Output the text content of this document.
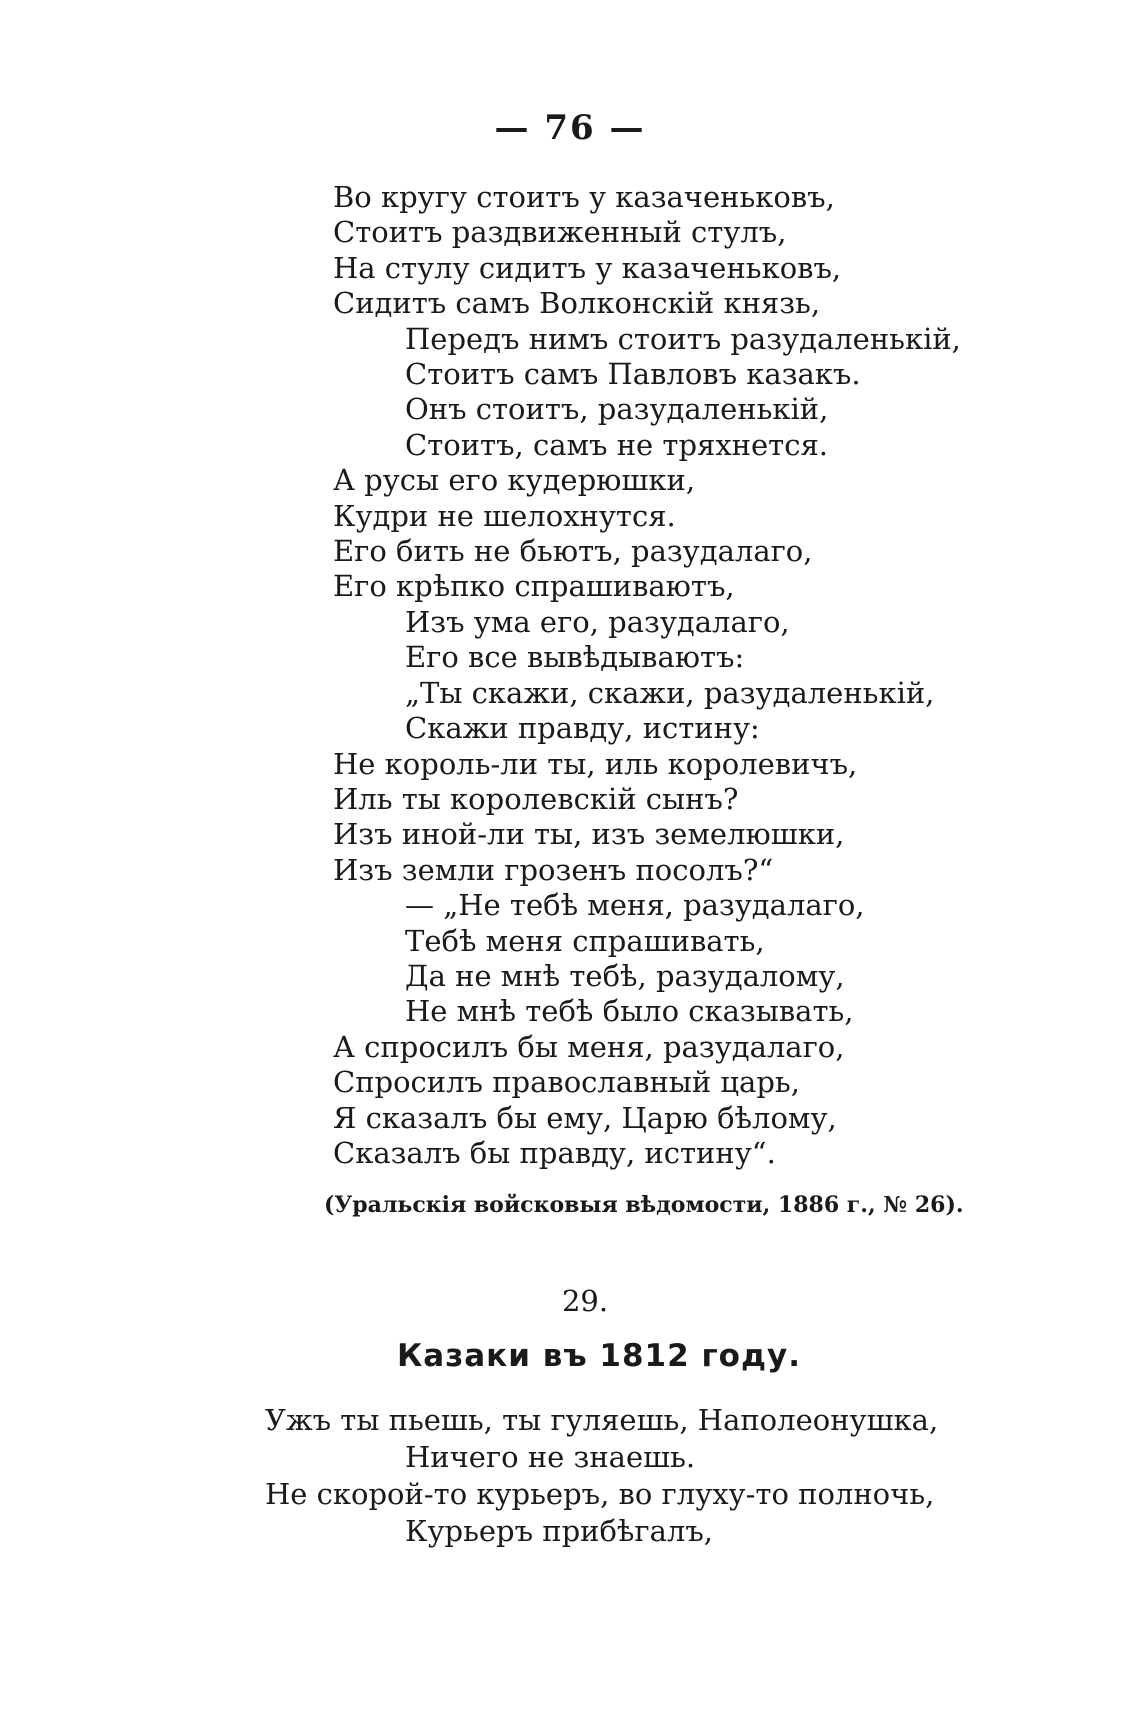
— 76 —
Во кругу стоитъ у казаченьковъ,
Стоитъ раздвиженный стулъ,
На стулу сидитъ у казаченьковъ,
Сидитъ самъ Волконскій князь,
Передъ нимъ стоитъ разудаленькій,
Стоитъ самъ Павловъ казакъ.
Онъ стоитъ, разудаленькій,
Стоитъ, самъ не тряхнется.
А русы его кудерюшки,
Кудри не шелохнутся.
Его бить не бьютъ, разудалаго,
Его крѣпко спрашиваютъ,
Изъ ума его, разудалаго,
Его все вывѣдываютъ:
„Ты скажи, скажи, разудаленькій,
Скажи правду, истину:
Не король-ли ты, иль королевичъ,
Иль ты королевскій сынъ?
Изъ иной-ли ты, изъ земелюшки,
Изъ земли грозенъ посолъ?“
— „Не тебѣ меня, разудалаго,
Тебѣ меня спрашивать,
Да не мнѣ тебѣ, разудалому,
Не мнѣ тебѣ было сказывать,
А спросилъ бы меня, разудалаго,
Спросилъ православный царь,
Я сказалъ бы ему, Царю бѣлому,
Сказалъ бы правду, истину“.
(Уральскія войсковыя вѣдомости, 1886 г., № 26).
29.
Казаки въ 1812 году.
Ужъ ты пьешь, ты гуляешь, Наполеонушка,
Ничего не знаешь.
Не скорой-то курьеръ, во глуху-то полночь,
Курьеръ прибѣгалъ,
